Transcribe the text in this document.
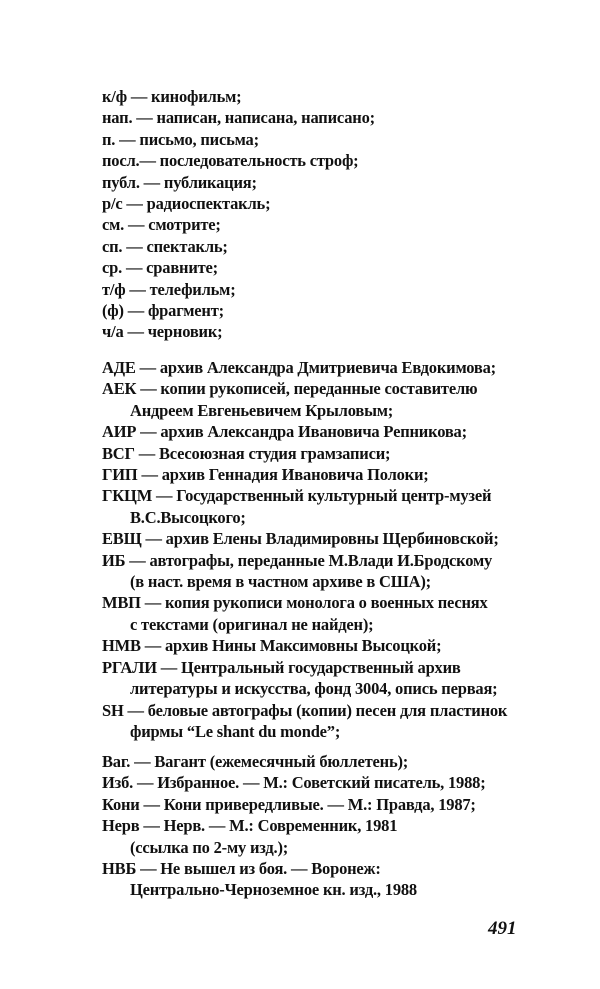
к/ф — кинофильм;
нап. — написан, написана, написано;
п. — письмо, письма;
посл.— последовательность строф;
публ. — публикация;
р/с — радиоспектакль;
см. — смотрите;
сп. — спектакль;
ср. — сравните;
т/ф — телефильм;
(ф) — фрагмент;
ч/а — черновик;
АДЕ — архив Александра Дмитриевича Евдокимова;
АЕК — копии рукописей, переданные составителю
Андреем Евгеньевичем Крыловым;
АИР — архив Александра Ивановича Репникова;
ВСГ — Всесоюзная студия грамзаписи;
ГИП — архив Геннадия Ивановича Полоки;
ГКЦМ — Государственный культурный центр-музей
В.С.Высоцкого;
ЕВЩ — архив Елены Владимировны Щербиновской;
ИБ — автографы, переданные М.Влади И.Бродскому
(в наст. время в частном архиве в США);
МВП — копия рукописи монолога о военных песнях
с текстами (оригинал не найден);
НМВ — архив Нины Максимовны Высоцкой;
РГАЛИ — Центральный государственный архив
литературы и искусства, фонд 3004, опись первая;
SH — беловые автографы (копии) песен для пластинок
фирмы “Le shant du monde”;
Ваг. — Вагант (ежемесячный бюллетень);
Изб. — Избранное. — М.: Советский писатель, 1988;
Кони — Кони привередливые. — М.: Правда, 1987;
Нерв — Нерв. — М.: Современник, 1981
(ссылка по 2-му изд.);
НВБ — Не вышел из боя. — Воронеж:
Центрально-Черноземное кн. изд., 1988
491
